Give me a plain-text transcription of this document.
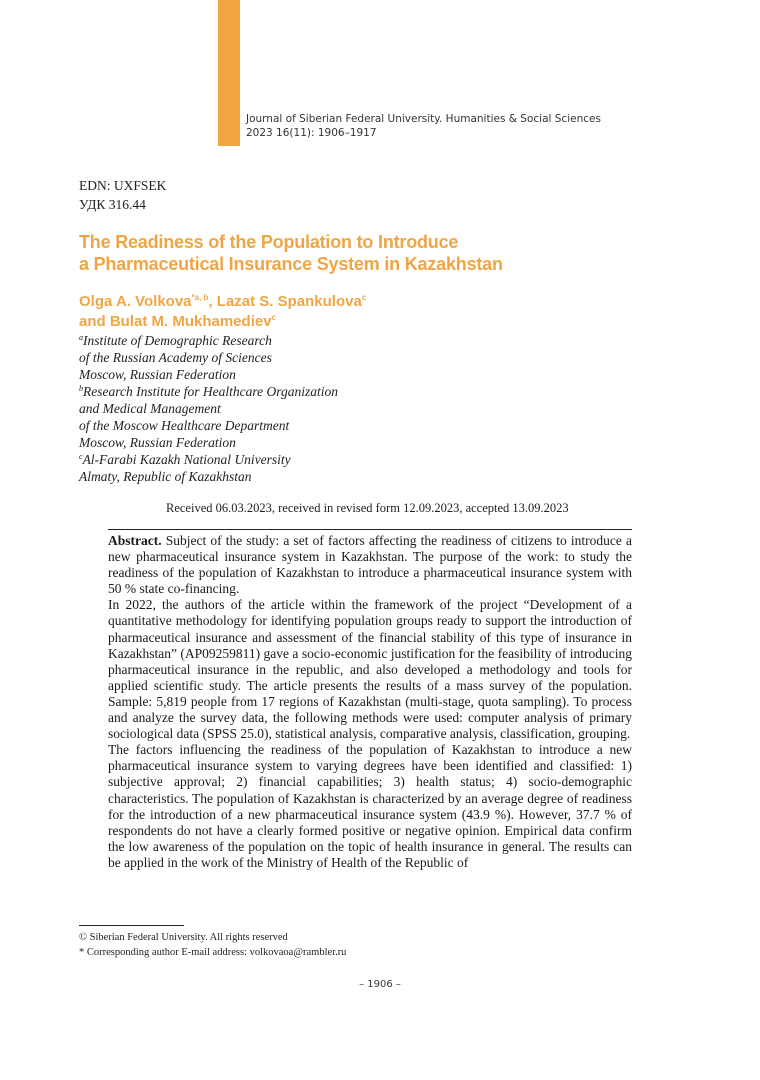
Journal of Siberian Federal University. Humanities & Social Sciences
2023 16(11): 1906–1917
EDN: UXFSEK
УДК 316.44
The Readiness of the Population to Introduce
a Pharmaceutical Insurance System in Kazakhstan
Olga A. Volkova$^{*a, b}$, Lazat S. Spankulova$^c$
and Bulat M. Mukhamediev$^c$
$^a$Institute of Demographic Research
of the Russian Academy of Sciences
Moscow, Russian Federation
$^b$Research Institute for Healthcare Organization
and Medical Management
of the Moscow Healthcare Department
Moscow, Russian Federation
$^c$Al-Farabi Kazakh National University
Almaty, Republic of Kazakhstan
Received 06.03.2023, received in revised form 12.09.2023, accepted 13.09.2023

Abstract. Subject of the study: a set of factors affecting the readiness of citizens to introduce a new pharmaceutical insurance system in Kazakhstan. The purpose of the work: to study the readiness of the population of Kazakhstan to introduce a pharmaceutical insurance system with 50 % state co-financing.

In 2022, the authors of the article within the framework of the project “Development of a quantitative methodology for identifying population groups ready to support the introduction of pharmaceutical insurance and assessment of the financial stability of this type of insurance in Kazakhstan” (AP09259811) gave a socio-economic justification for the feasibility of introducing pharmaceutical insurance in the republic, and also developed a methodology and tools for applied scientific study. The article presents the results of a mass survey of the population. Sample: 5,819 people from 17 regions of Kazakhstan (multi-stage, quota sampling). To process and analyze the survey data, the following methods were used: computer analysis of primary sociological data (SPSS 25.0), statistical analysis, comparative analysis, classification, grouping.

The factors influencing the readiness of the population of Kazakhstan to introduce a new pharmaceutical insurance system to varying degrees have been identified and classified: 1) subjective approval; 2) financial capabilities; 3) health status; 4) socio-demographic characteristics. The population of Kazakhstan is characterized by an average degree of readiness for the introduction of a new pharmaceutical insurance system (43.9 %). However, 37.7 % of respondents do not have a clearly formed positive or negative opinion. Empirical data confirm the low awareness of the population on the topic of health insurance in general. The results can be applied in the work of the Ministry of Health of the Republic of

© Siberian Federal University. All rights reserved
* Corresponding author E-mail address: volkovaoa@rambler.ru
– 1906 –
